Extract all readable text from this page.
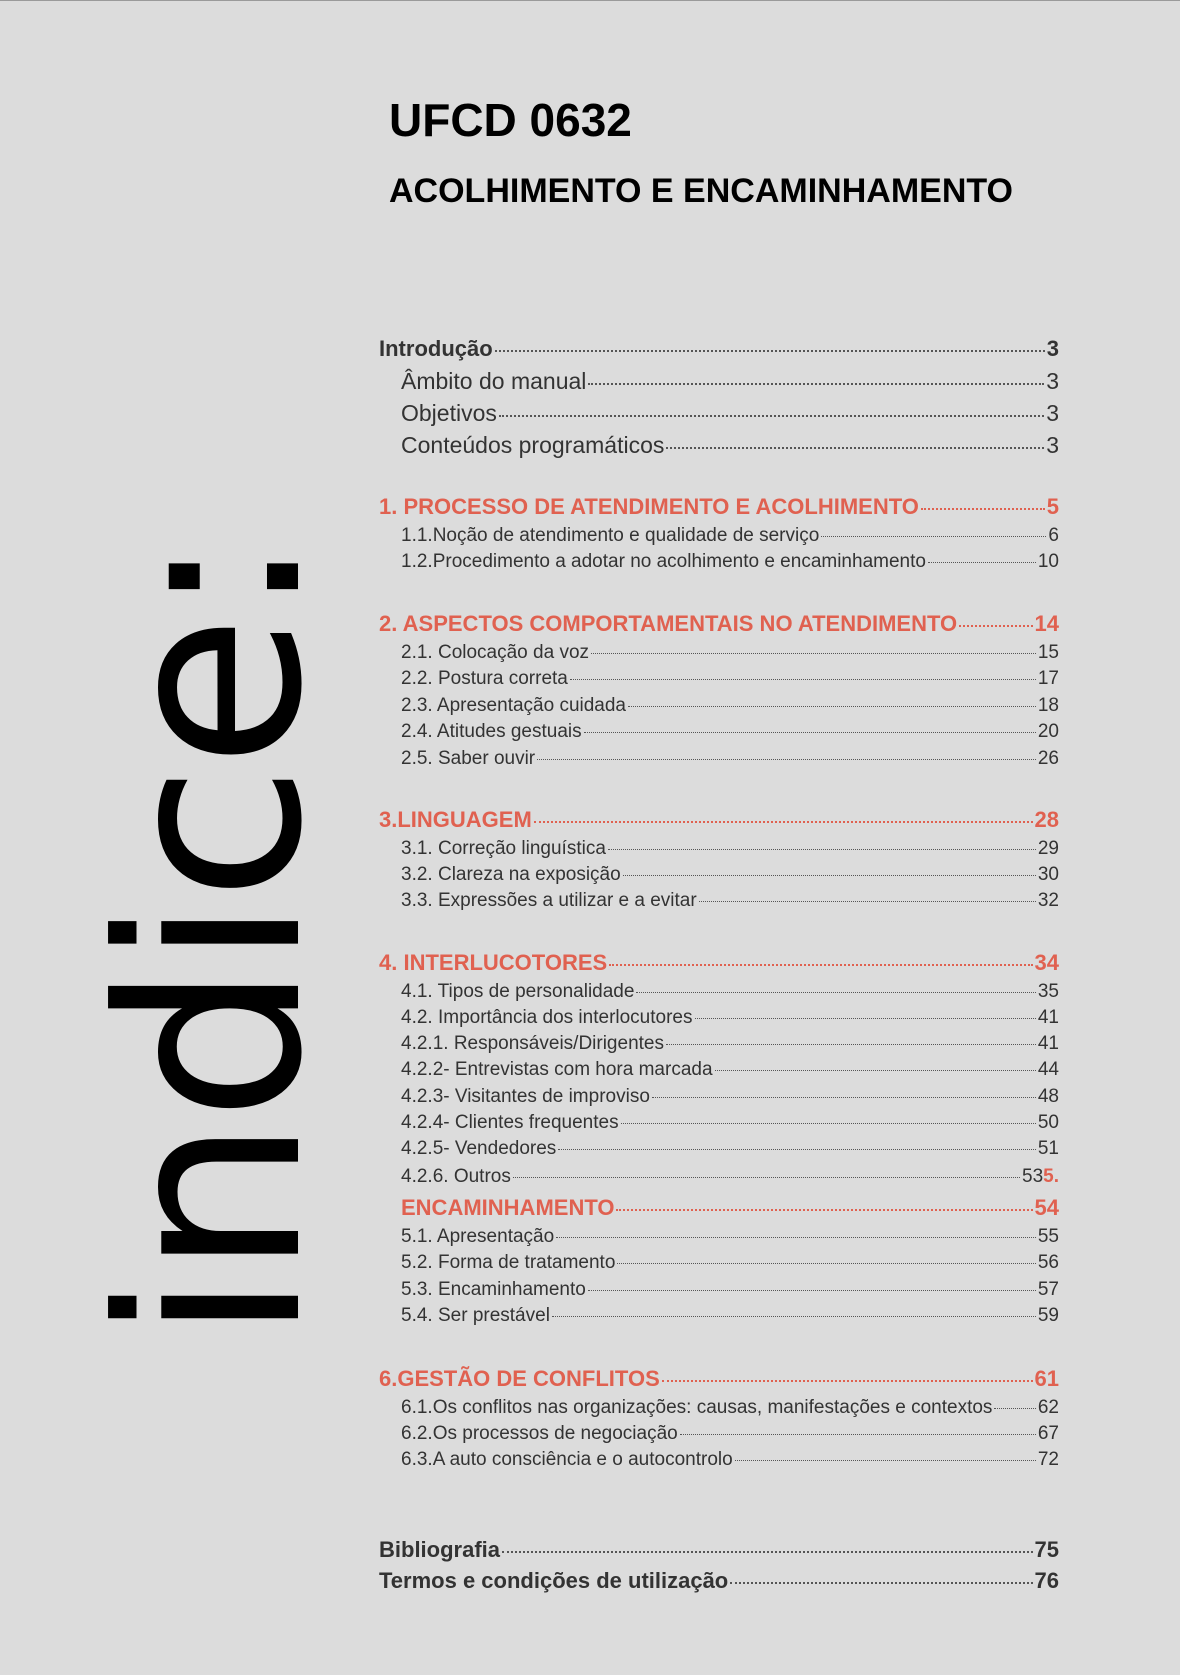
indice:
UFCD 0632
ACOLHIMENTO E ENCAMINHAMENTO
Introdução	3
Âmbito do manual	3
Objetivos	3
Conteúdos programáticos	3
1. PROCESSO DE ATENDIMENTO E ACOLHIMENTO	5
1.1.Noção de atendimento e qualidade de serviço	6
1.2.Procedimento a adotar no acolhimento e encaminhamento	10
2. ASPECTOS COMPORTAMENTAIS NO ATENDIMENTO	14
2.1. Colocação da voz	15
2.2. Postura correta	17
2.3. Apresentação cuidada	18
2.4. Atitudes gestuais	20
2.5. Saber ouvir	26
3.LINGUAGEM	28
3.1. Correção linguística	29
3.2. Clareza na exposição	30
3.3. Expressões a utilizar e a evitar	32
4. INTERLUCOTORES	34
4.1. Tipos de personalidade	35
4.2. Importância dos interlocutores	41
4.2.1. Responsáveis/Dirigentes	41
4.2.2- Entrevistas com hora marcada	44
4.2.3- Visitantes de improviso	48
4.2.4- Clientes frequentes	50
4.2.5- Vendedores	51
4.2.6. Outros	53 5.
ENCAMINHAMENTO	54
5.1. Apresentação	55
5.2. Forma de tratamento	56
5.3. Encaminhamento	57
5.4. Ser prestável	59
6.GESTÃO DE CONFLITOS	61
6.1.Os conflitos nas organizações: causas, manifestações e contextos 62
6.2.Os processos de negociação	67
6.3.A auto consciência e o autocontrolo	72
Bibliografia	75
Termos e condições de utilização	76
